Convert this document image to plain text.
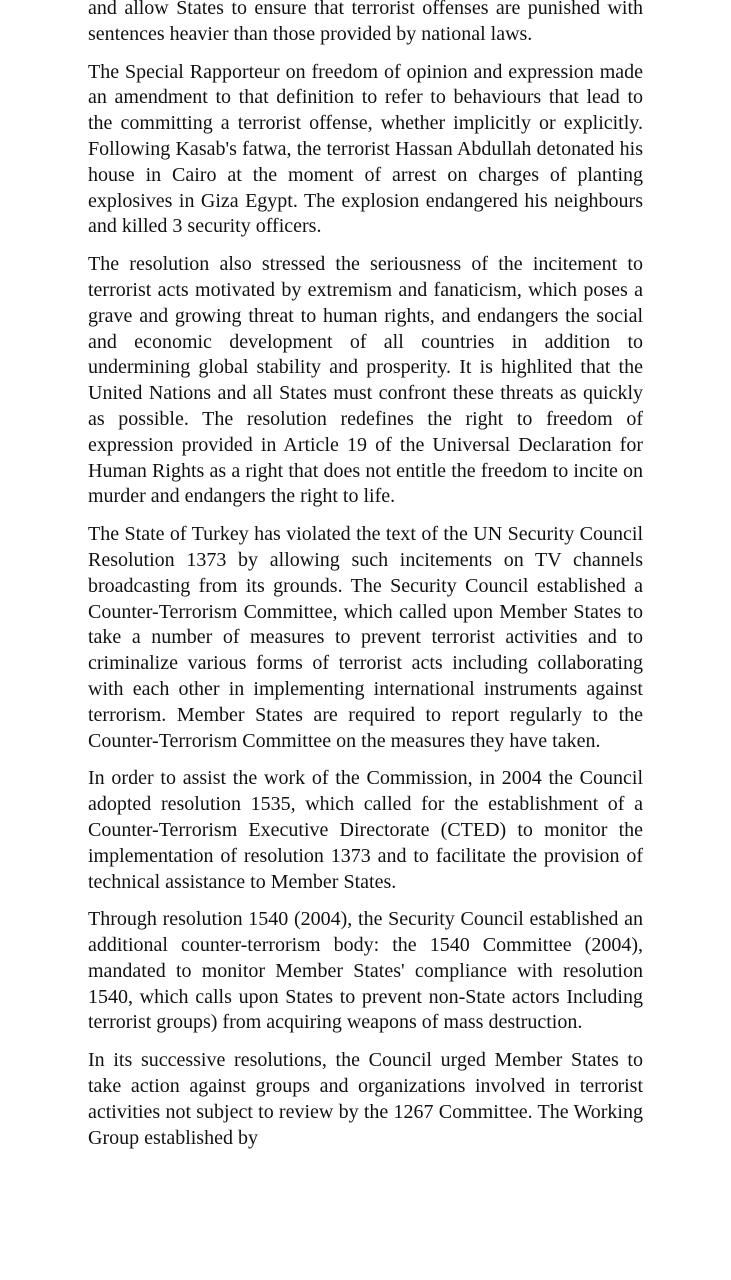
and allow States to ensure that terrorist offenses are punished with sentences heavier than those provided by national laws.

The Special Rapporteur on freedom of opinion and expression made an amendment to that definition to refer to behaviours that lead to the committing a terrorist offense, whether implicitly or explicitly. Following Kasab's fatwa, the terrorist Hassan Abdullah detonated his house in Cairo at the moment of arrest on charges of planting explosives in Giza Egypt. The explosion endangered his neighbours and killed 3 security officers.

The resolution also stressed the seriousness of the incitement to terrorist acts motivated by extremism and fanaticism, which poses a grave and growing threat to human rights, and endangers the social and economic development of all countries in addition to undermining global stability and prosperity. It is highlited that the United Nations and all States must confront these threats as quickly as possible. The resolution redefines the right to freedom of expression provided in Article 19 of the Universal Declaration for Human Rights as a right that does not entitle the freedom to incite on murder and endangers the right to life.

The State of Turkey has violated the text of the UN Security Council Resolution 1373 by allowing such incitements on TV channels broadcasting from its grounds. The Security Council established a Counter-Terrorism Committee, which called upon Member States to take a number of measures to prevent terrorist activities and to criminalize various forms of terrorist acts including collaborating with each other in implementing international instruments against terrorism. Member States are required to report regularly to the Counter-Terrorism Committee on the measures they have taken.

In order to assist the work of the Commission, in 2004 the Council adopted resolution 1535, which called for the establishment of a Counter-Terrorism Executive Directorate (CTED) to monitor the implementation of resolution 1373 and to facilitate the provision of technical assistance to Member States.

Through resolution 1540 (2004), the Security Council established an additional counter-terrorism body: the 1540 Committee (2004), mandated to monitor Member States' compliance with resolution 1540, which calls upon States to prevent non-State actors Including terrorist groups) from acquiring weapons of mass destruction.

In its successive resolutions, the Council urged Member States to take action against groups and organizations involved in terrorist activities not subject to review by the 1267 Committee. The Working Group established by
